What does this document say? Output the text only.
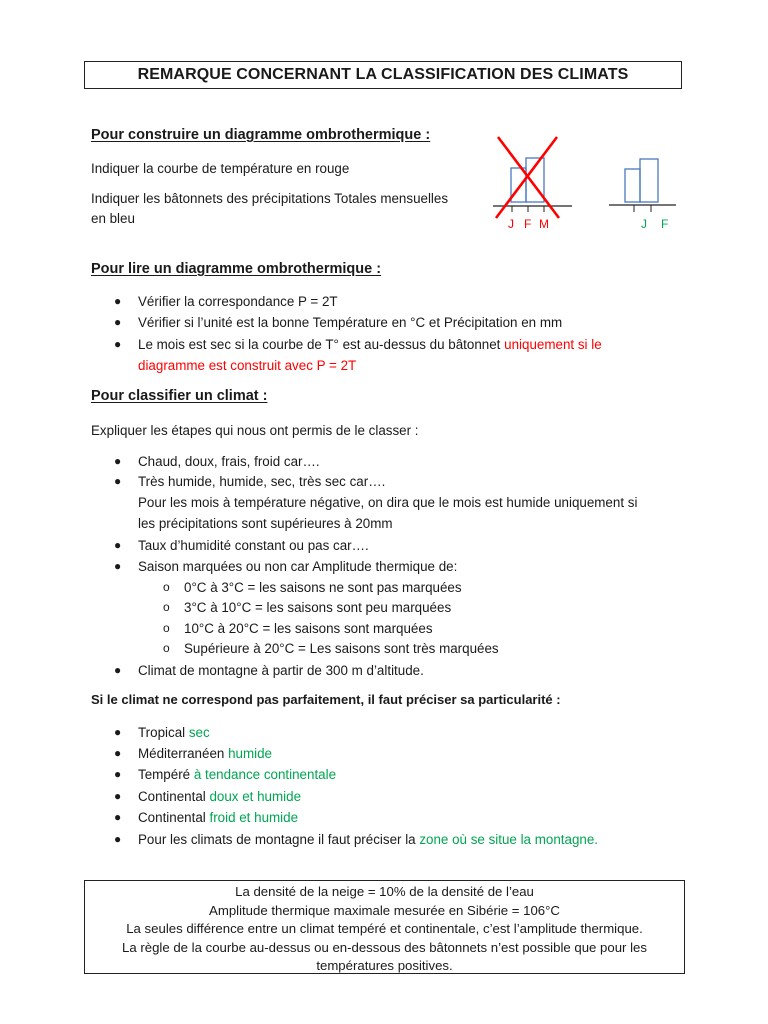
REMARQUE CONCERNANT LA CLASSIFICATION DES CLIMATS
Pour construire un diagramme ombrothermique :
Indiquer la courbe de température en rouge
Indiquer les bâtonnets des précipitations Totales mensuelles
en bleu	J F M	J F
Pour lire un diagramme ombrothermique :
● Vérifier la correspondance P = 2T
● Vérifier si l’unité est la bonne Température en °C et Précipitation en mm
● Le mois est sec si la courbe de T° est au-dessus du bâtonnet uniquement si le
diagramme est construit avec P = 2T
Pour classifier un climat :
Expliquer les étapes qui nous ont permis de le classer :
● Chaud, doux, frais, froid car….
● Très humide, humide, sec, très sec car….
Pour les mois à température négative, on dira que le mois est humide uniquement si
les précipitations sont supérieures à 20mm
● Taux d’humidité constant ou pas car….
● Saison marquées ou non car Amplitude thermique de:
o 0°C à 3°C = les saisons ne sont pas marquées
o 3°C à 10°C = les saisons sont peu marquées
o 10°C à 20°C = les saisons sont marquées
o Supérieure à 20°C = Les saisons sont très marquées
● Climat de montagne à partir de 300 m d’altitude.
Si le climat ne correspond pas parfaitement, il faut préciser sa particularité :
● Tropical sec
● Méditerranéen humide
● Tempéré à tendance continentale
● Continental doux et humide
● Continental froid et humide
● Pour les climats de montagne il faut préciser la zone où se situe la montagne.
La densité de la neige = 10% de la densité de l’eau
Amplitude thermique maximale mesurée en Sibérie = 106°C
La seules différence entre un climat tempéré et continentale, c’est l’amplitude thermique.
La règle de la courbe au-dessus ou en-dessous des bâtonnets n’est possible que pour les
températures positives.
